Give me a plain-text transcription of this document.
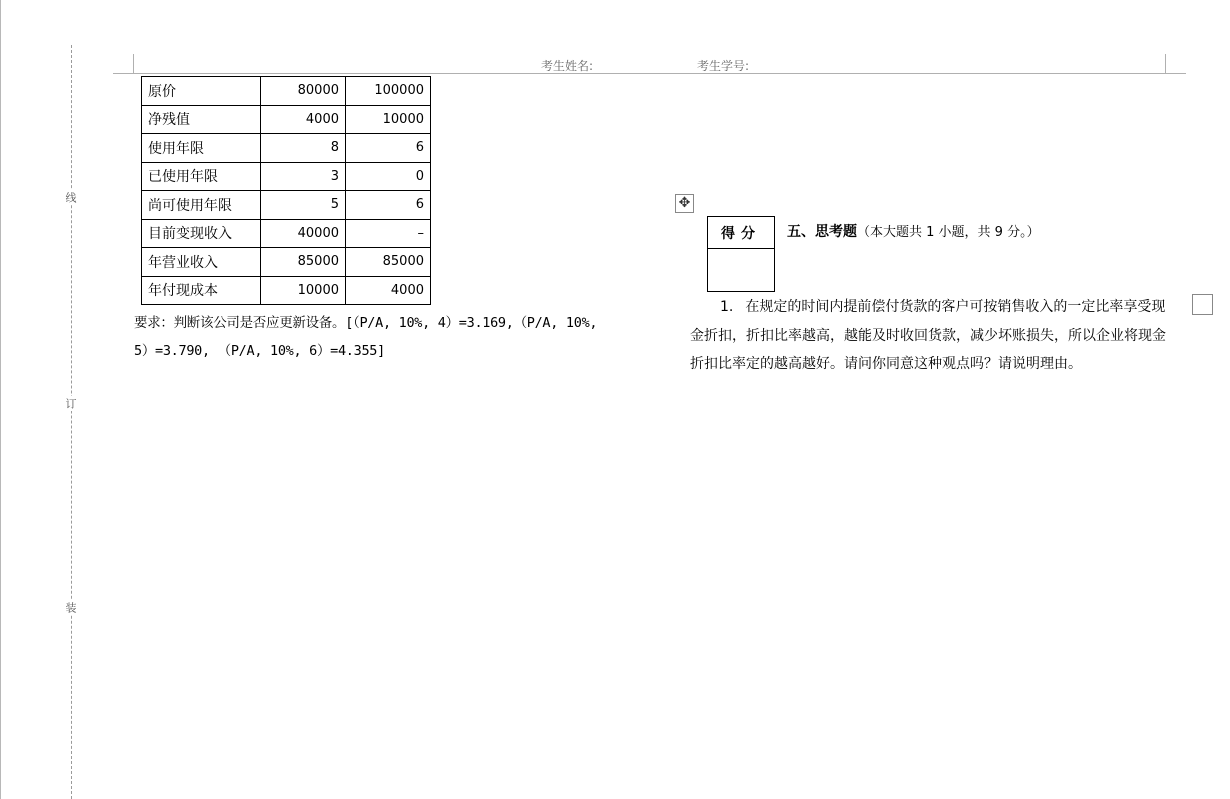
线
订
装
考生姓名:	考生学号:
原价	80000	100000
净残值	4000	10000
使用年限	8	6
已使用年限	3	0
尚可使用年限	5	6
目前变现收入	40000	–
年营业收入	85000	85000
年付现成本	10000	4000
要求：判断该公司是否应更新设备。[（P/A, 10%, 4）=3.169,（P/A, 10%,
5）=3.790, （P/A, 10%, 6）=4.355]
✥
得分 五、思考题（本大题共 1 小题，共 9 分。）
1. 在规定的时间内提前偿付货款的客户可按销售收入的一定比率享受现金折扣，折扣比率越高，越能及时收回货款，减少坏账损失，所以企业将现金折扣比率定的越高越好。请问你同意这种观点吗？请说明理由。
